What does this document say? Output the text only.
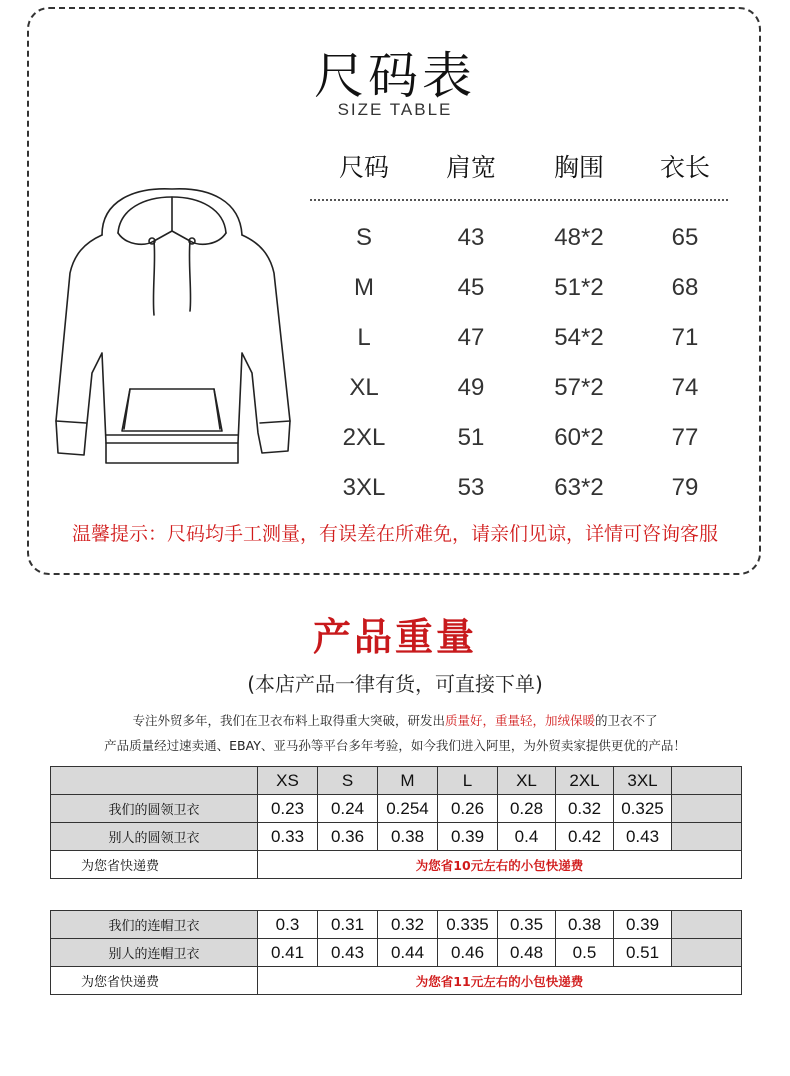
尺码表
SIZE TABLE
尺码 肩宽 胸围 衣长
S	43	48*2	65
M	45	51*2	68
L	47	54*2	71
XL	49	57*2	74
2XL	51	60*2	77
3XL	53	63*2	79
温馨提示：尺码均手工测量，有误差在所难免，请亲们见谅，详情可咨询客服
产品重量
(本店产品一律有货，可直接下单)
专注外贸多年，我们在卫衣布料上取得重大突破，研发出质量好，重量轻，加绒保暖的卫衣不了
产品质量经过速卖通、EBAY、亚马孙等平台多年考验，如今我们进入阿里，为外贸卖家提供更优的产品！
	XS	S	M	L	XL	2XL	3XL	
我们的圆领卫衣	0.23	0.24	0.254	0.26	0.28	0.32	0.325	
别人的圆领卫衣	0.33	0.36	0.38	0.39	0.4	0.42	0.43	
为您省快递费	为您省10元左右的小包快递费							
我们的连帽卫衣	0.3	0.31	0.32	0.335	0.35	0.38	0.39	
别人的连帽卫衣	0.41	0.43	0.44	0.46	0.48	0.5	0.51	
为您省快递费	为您省11元左右的小包快递费							
